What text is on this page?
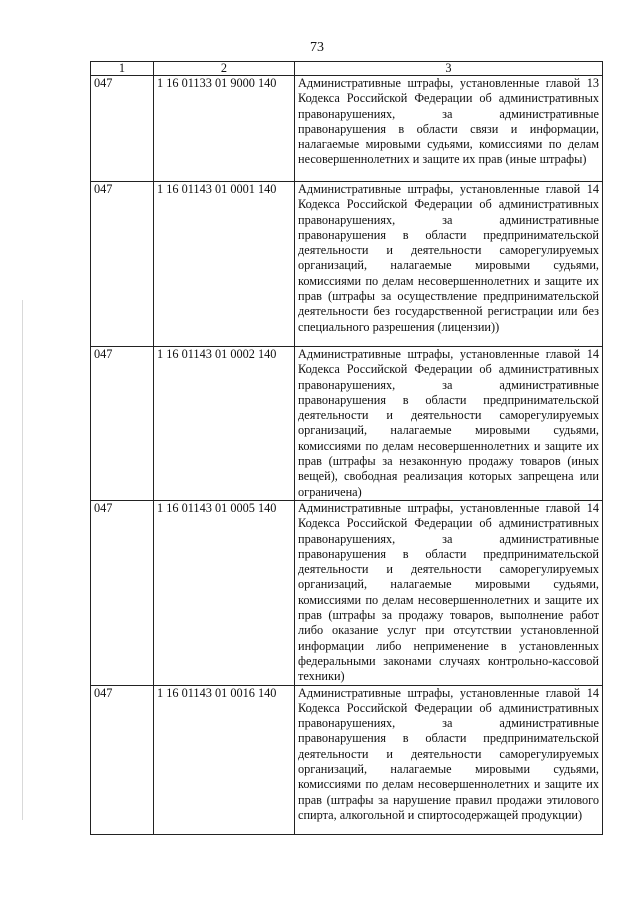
73
1	2	3
047	1 16 01133 01 9000 140	Административные штрафы, установленные главой 13 Кодекса Российской Федерации об административных правонарушениях, за административные правонарушения в области связи и информации, налагаемые мировыми судьями, комиссиями по делам несовершеннолетних и защите их прав (иные штрафы)
047	1 16 01143 01 0001 140	Административные штрафы, установленные главой 14 Кодекса Российской Федерации об административных правонарушениях, за административные правонарушения в области предпринимательской деятельности и деятельности саморегулируемых организаций, налагаемые мировыми судьями, комиссиями по делам несовершеннолетних и защите их прав (штрафы за осуществление предпринимательской деятельности без государственной регистрации или без специального разрешения (лицензии))
047	1 16 01143 01 0002 140	Административные штрафы, установленные главой 14 Кодекса Российской Федерации об административных правонарушениях, за административные правонарушения в области предпринимательской деятельности и деятельности саморегулируемых организаций, налагаемые мировыми судьями, комиссиями по делам несовершеннолетних и защите их прав (штрафы за незаконную продажу товаров (иных вещей), свободная реализация которых запрещена или ограничена)
047	1 16 01143 01 0005 140	Административные штрафы, установленные главой 14 Кодекса Российской Федерации об административных правонарушениях, за административные правонарушения в области предпринимательской деятельности и деятельности саморегулируемых организаций, налагаемые мировыми судьями, комиссиями по делам несовершеннолетних и защите их прав (штрафы за продажу товаров, выполнение работ либо оказание услуг при отсутствии установленной информации либо неприменение в установленных федеральными законами случаях контрольно-кассовой техники)
047	1 16 01143 01 0016 140	Административные штрафы, установленные главой 14 Кодекса Российской Федерации об административных правонарушениях, за административные правонарушения в области предпринимательской деятельности и деятельности саморегулируемых организаций, налагаемые мировыми судьями, комиссиями по делам несовершеннолетних и защите их прав (штрафы за нарушение правил продажи этилового спирта, алкогольной и спиртосодержащей продукции)
